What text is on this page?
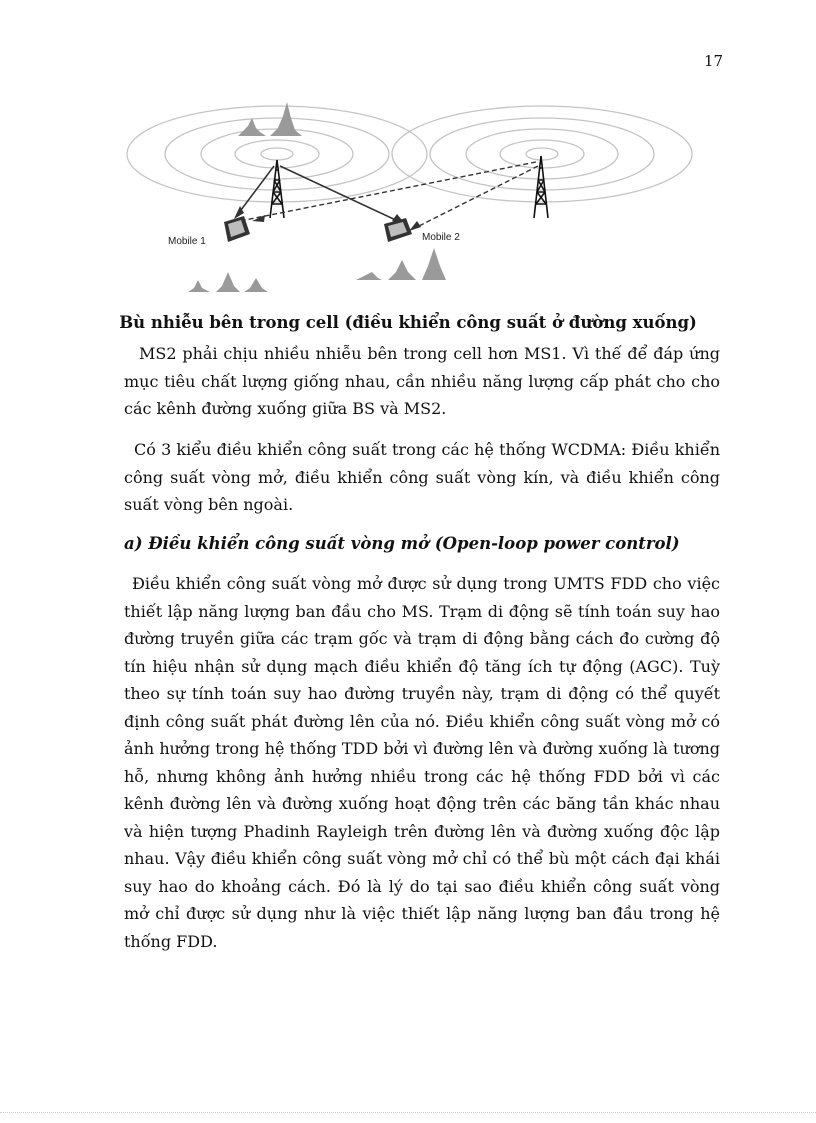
17
Mobile 1	Mobile 2
Bù nhiễu bên trong cell (điều khiển công suất ở đường xuống)

MS2 phải chịu nhiều nhiễu bên trong cell hơn MS1. Vì thế để đáp ứng mục tiêu chất lượng giống nhau, cần nhiều năng lượng cấp phát cho cho các kênh đường xuống giữa BS và MS2.

Có 3 kiểu điều khiển công suất trong các hệ thống WCDMA: Điều khiển công suất vòng mở, điều khiển công suất vòng kín, và điều khiển công suất vòng bên ngoài.

a) Điều khiển công suất vòng mở (Open-loop power control)

Điều khiển công suất vòng mở được sử dụng trong UMTS FDD cho việc thiết lập năng lượng ban đầu cho MS. Trạm di động sẽ tính toán suy hao đường truyền giữa các trạm gốc và trạm di động bằng cách đo cường độ tín hiệu nhận sử dụng mạch điều khiển độ tăng ích tự động (AGC). Tuỳ theo sự tính toán suy hao đường truyền này, trạm di động có thể quyết định công suất phát đường lên của nó. Điều khiển công suất vòng mở có ảnh hưởng trong hệ thống TDD bởi vì đường lên và đường xuống là tương hỗ, nhưng không ảnh hưởng nhiều trong các hệ thống FDD bởi vì các kênh đường lên và đường xuống hoạt động trên các băng tần khác nhau và hiện tượng Phadinh Rayleigh trên đường lên và đường xuống độc lập nhau. Vậy điều khiển công suất vòng mở chỉ có thể bù một cách đại khái suy hao do khoảng cách. Đó là lý do tại sao điều khiển công suất vòng mở chỉ được sử dụng như là việc thiết lập năng lượng ban đầu trong hệ thống FDD.
